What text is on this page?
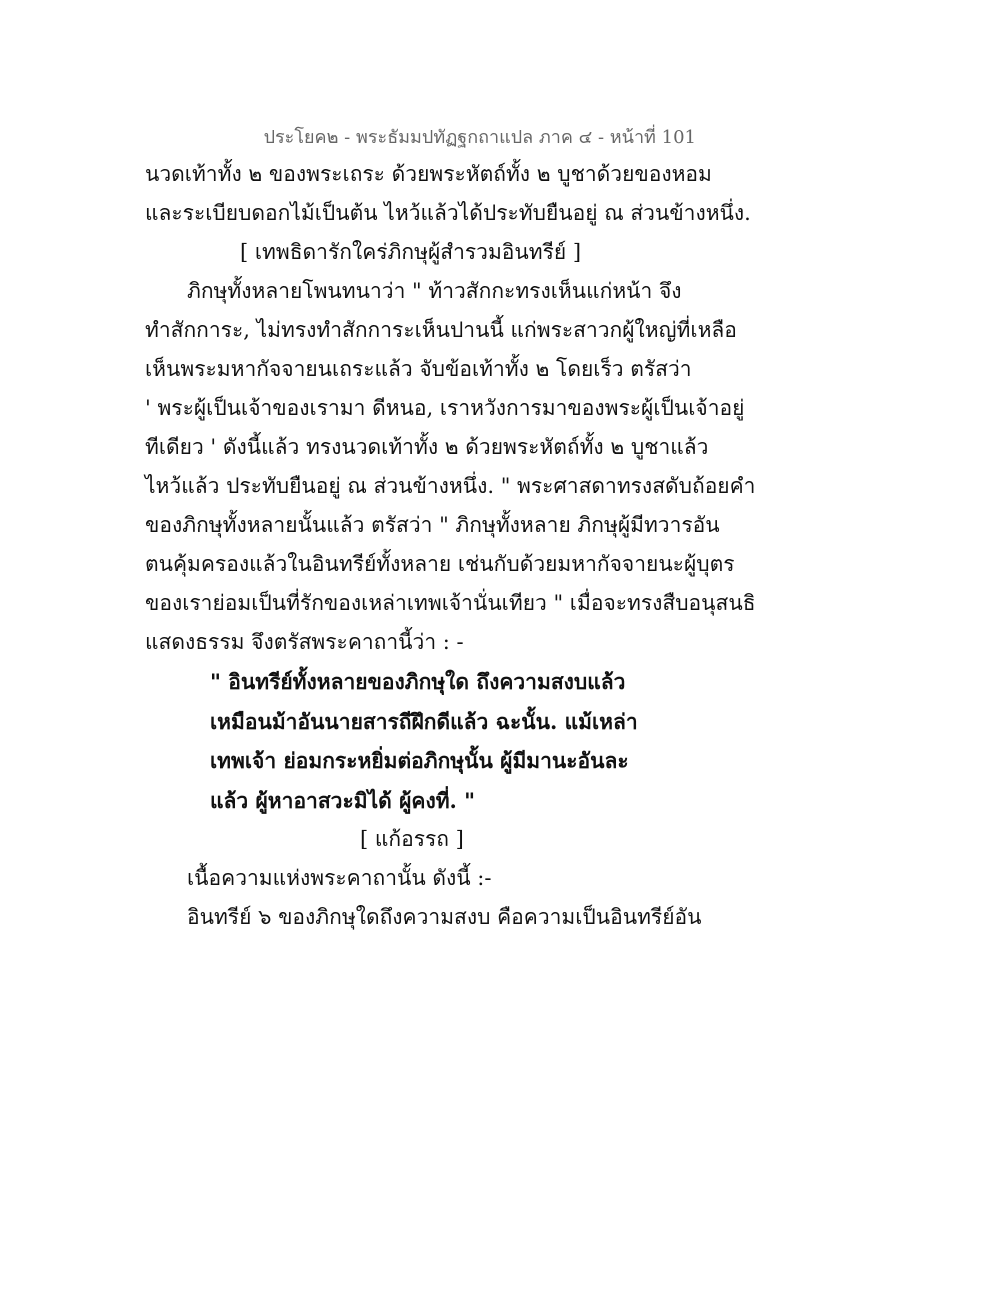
ประโยค๒ - พระธัมมปทัฏฐกถาแปล ภาค ๔ - หน้าที่ 101
นวดเท้าทั้ง ๒ ของพระเถระ ด้วยพระหัตถ์ทั้ง ๒ บูชาด้วยของหอม
และระเบียบดอกไม้เป็นต้น ไหว้แล้วได้ประทับยืนอยู่ ณ ส่วนข้างหนึ่ง.
[ เทพธิดารักใคร่ภิกษุผู้สำรวมอินทรีย์ ]
ภิกษุทั้งหลายโพนทนาว่า " ท้าวสักกะทรงเห็นแก่หน้า จึง
ทำสักการะ, ไม่ทรงทำสักการะเห็นปานนี้ แก่พระสาวกผู้ใหญ่ที่เหลือ
เห็นพระมหากัจจายนเถระแล้ว จับข้อเท้าทั้ง ๒ โดยเร็ว ตรัสว่า
' พระผู้เป็นเจ้าของเรามา ดีหนอ, เราหวังการมาของพระผู้เป็นเจ้าอยู่
ทีเดียว ' ดังนี้แล้ว ทรงนวดเท้าทั้ง ๒ ด้วยพระหัตถ์ทั้ง ๒ บูชาแล้ว
ไหว้แล้ว ประทับยืนอยู่ ณ ส่วนข้างหนึ่ง. " พระศาสดาทรงสดับถ้อยคำ
ของภิกษุทั้งหลายนั้นแล้ว ตรัสว่า " ภิกษุทั้งหลาย ภิกษุผู้มีทวารอัน
ตนคุ้มครองแล้วในอินทรีย์ทั้งหลาย เช่นกับด้วยมหากัจจายนะผู้บุตร
ของเราย่อมเป็นที่รักของเหล่าเทพเจ้านั่นเทียว " เมื่อจะทรงสืบอนุสนธิ
แสดงธรรม จึงตรัสพระคาถานี้ว่า : -
" อินทรีย์ทั้งหลายของภิกษุใด ถึงความสงบแล้ว
เหมือนม้าอันนายสารถีฝึกดีแล้ว ฉะนั้น. แม้เหล่า
เทพเจ้า ย่อมกระหยิ่มต่อภิกษุนั้น ผู้มีมานะอันละ
แล้ว ผู้หาอาสวะมิได้ ผู้คงที่. "
[ แก้อรรถ ]
เนื้อความแห่งพระคาถานั้น ดังนี้ :-
อินทรีย์ ๖ ของภิกษุใดถึงความสงบ คือความเป็นอินทรีย์อัน
